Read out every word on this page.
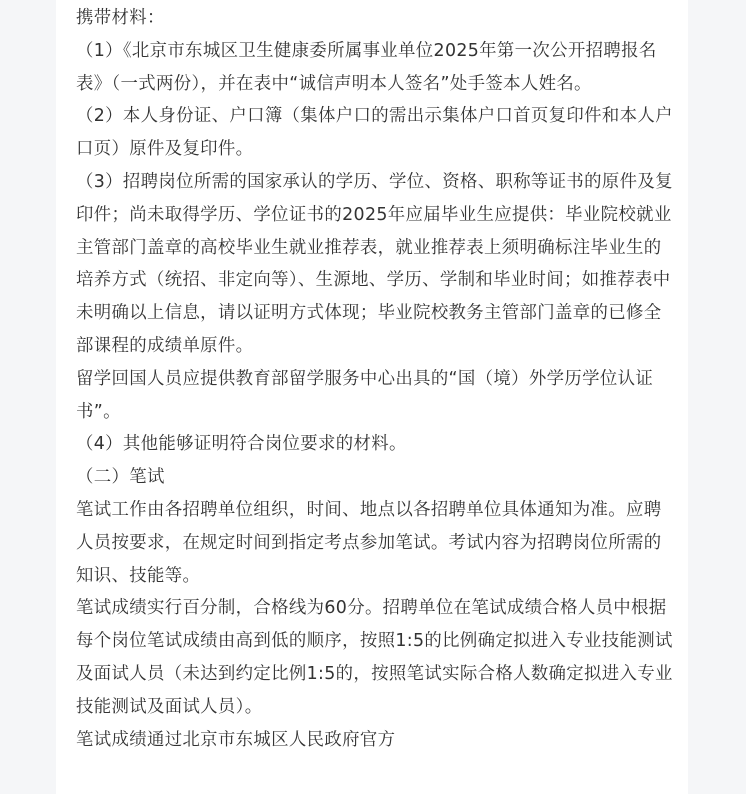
携带材料：

（1）《北京市东城区卫生健康委所属事业单位2025年第一次公开招聘报名表》（一式两份），并在表中“诚信声明本人签名”处手签本人姓名。

（2）本人身份证、户口簿（集体户口的需出示集体户口首页复印件和本人户口页）原件及复印件。

（3）招聘岗位所需的国家承认的学历、学位、资格、职称等证书的原件及复印件；尚未取得学历、学位证书的2025年应届毕业生应提供：毕业院校就业主管部门盖章的高校毕业生就业推荐表，就业推荐表上须明确标注毕业生的培养方式（统招、非定向等）、生源地、学历、学制和毕业时间；如推荐表中未明确以上信息，请以证明方式体现；毕业院校教务主管部门盖章的已修全部课程的成绩单原件。

留学回国人员应提供教育部留学服务中心出具的“国（境）外学历学位认证书”。

（4）其他能够证明符合岗位要求的材料。

（二）笔试

笔试工作由各招聘单位组织，时间、地点以各招聘单位具体通知为准。应聘人员按要求，在规定时间到指定考点参加笔试。考试内容为招聘岗位所需的知识、技能等。

笔试成绩实行百分制，合格线为60分。招聘单位在笔试成绩合格人员中根据每个岗位笔试成绩由高到低的顺序，按照1:5的比例确定拟进入专业技能测试及面试人员（未达到约定比例1:5的，按照笔试实际合格人数确定拟进入专业技能测试及面试人员）。

笔试成绩通过北京市东城区人民政府官方
